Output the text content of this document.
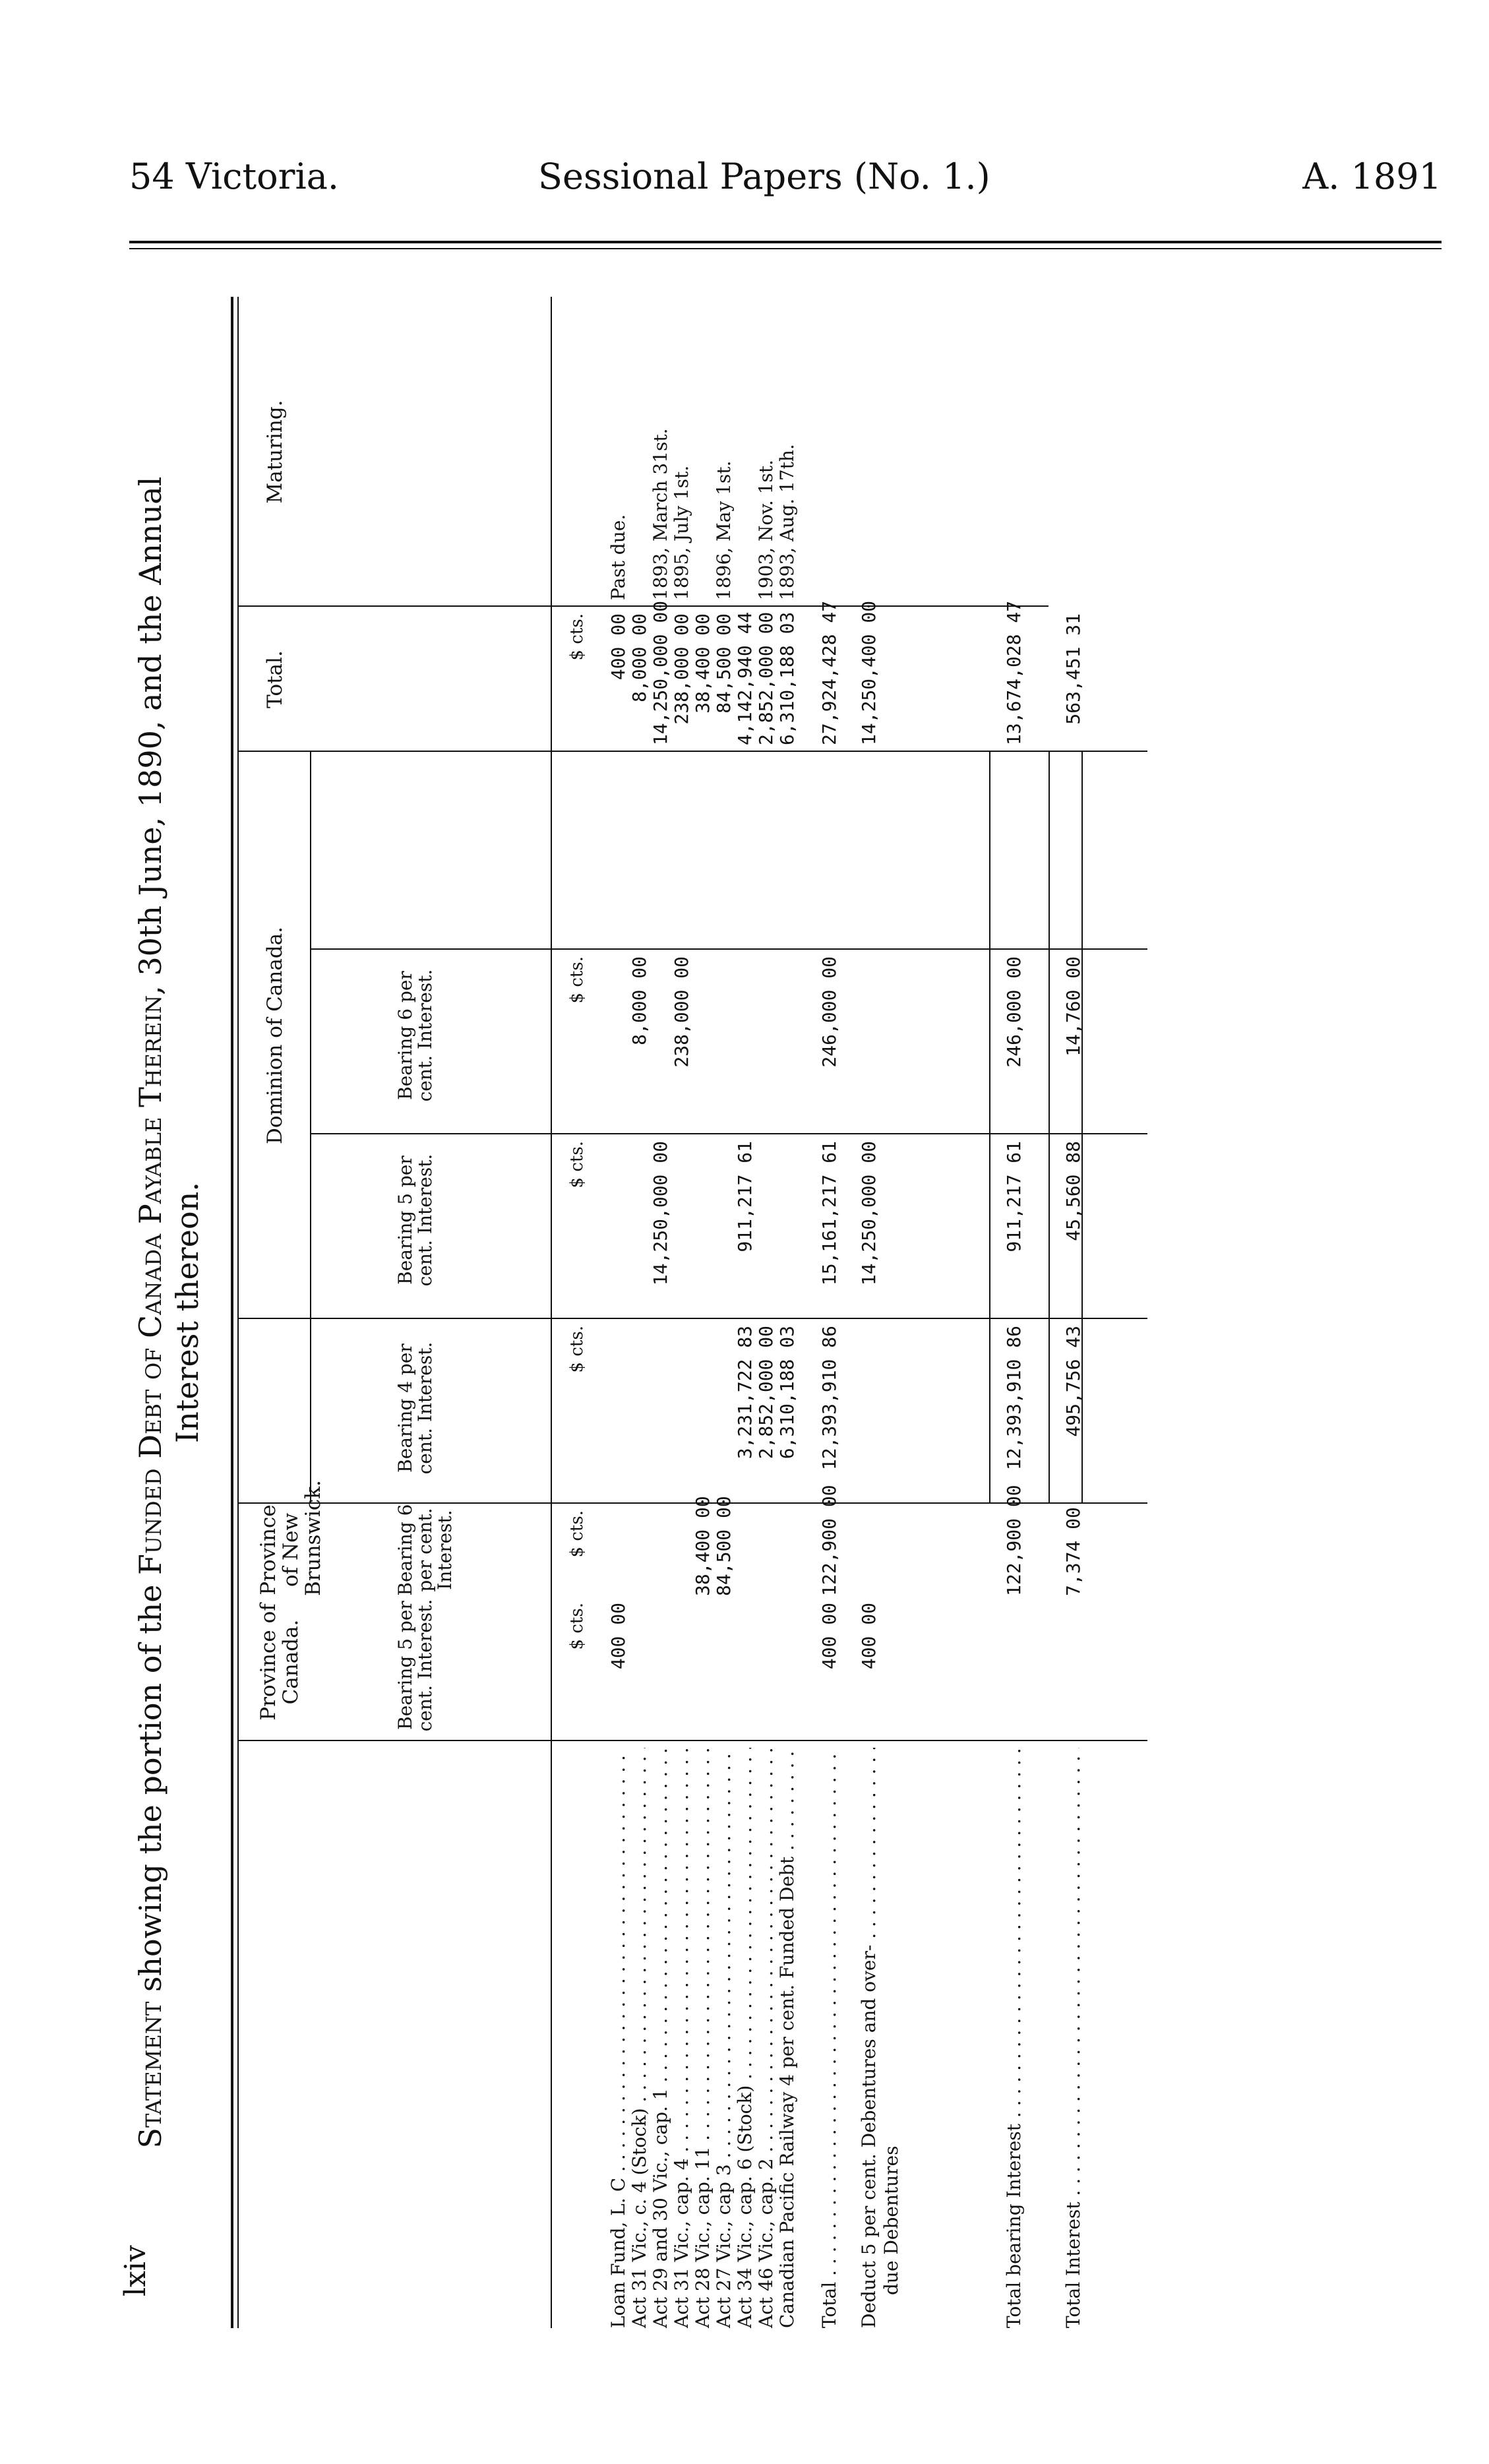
54 Victoria.	Sessional Papers (No. 1.)	A. 1891
Statement showing the portion of the Funded Debt of Canada Payable Therein, 30th June, 1890, and the Annual
Interest thereon.
Province of Canada.
Province of New Brunswick.
Dominion of Canada.
Total.
Maturing.
Bearing 5 per cent. Interest.
Bearing 6 per cent. Interest.
Bearing 4 per cent. Interest.
Bearing 5 per cent. Interest.
Bearing 6 per cent. Interest.
$ cts.
$ cts.
$ cts.
$ cts.
$ cts.
$ cts.
Loan Fund, L. C . . .
400 00
400 00
Past due.
Act 31 Vic., c. 4 (Stock) . . .
8,000 00
8,000 00
Act 29 and 30 Vic., cap. 1 . . .
14,250,000 00
14,250,000 00
1893, March 31st.
Act 31 Vic., cap. 4 . . .
238,000 00
238,000 00
1895, July 1st.
Act 28 Vic., cap. 11 . . .
38,400 00
38,400 00
Act 27 Vic., cap 3 . . .
84,500 00
84,500 00
1896, May 1st.
Act 34 Vic., cap. 6 (Stock) . . .
3,231,722 83
911,217 61
4,142,940 44
Act 46 Vic., cap. 2 . . .
2,852,000 00
2,852,000 00
1903, Nov. 1st.
Canadian Pacific Railway 4 per cent. Funded Debt . . .
6,310,188 03
6,310,188 03
1893, Aug. 17th.
Total . . .
400 00
122,900 00
12,393,910 86
15,161,217 61
246,000 00
27,924,428 47
Deduct 5 per cent. Debentures and over- . . . due Debentures
400 00
14,250,000 00
14,250,400 00
Total bearing Interest . . .
122,900 00
12,393,910 86
911,217 61
246,000 00
13,674,028 47
Total Interest . . .
7,374 00
495,756 43
45,560 88
14,760 00
563,451 31
lxiv
